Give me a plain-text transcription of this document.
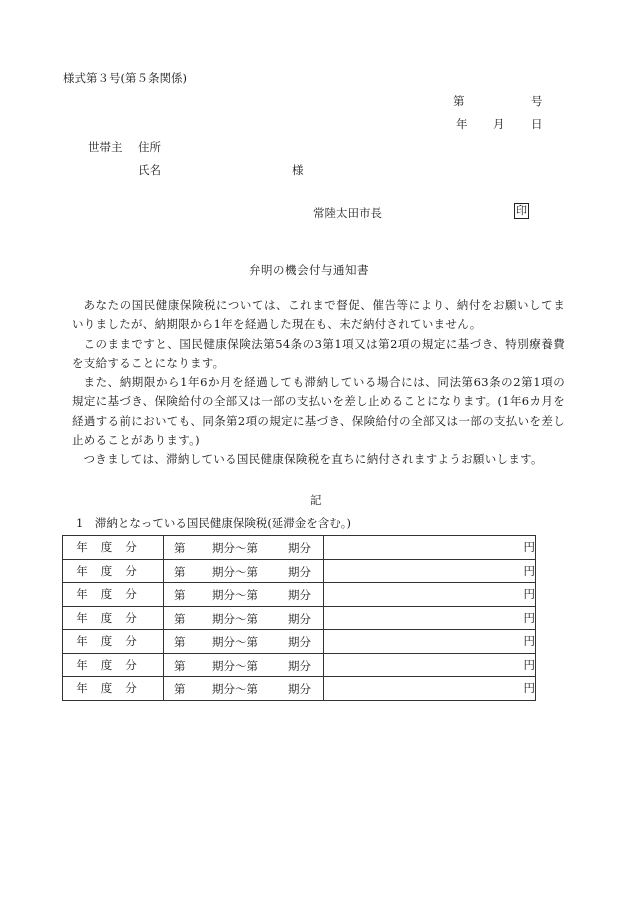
様式第３号(第５条関係)
第	号
年 月 日
世帯主 住所
氏名	様
常陸太田市長	印
弁明の機会付与通知書

あなたの国民健康保険税については、これまで督促、催告等により、納付をお願いしてまいりましたが、納期限から1年を経過した現在も、未だ納付されていません。

このままですと、国民健康保険法第54条の3第1項又は第2項の規定に基づき、特別療養費を支給することになります。

また、納期限から1年6か月を経過しても滞納している場合には、同法第63条の2第1項の規定に基づき、保険給付の全部又は一部の支払いを差し止めることになります。(1年6カ月を経過する前においても、同条第2項の規定に基づき、保険給付の全部又は一部の支払いを差し止めることがあります。)

つきましては、滞納している国民健康保険税を直ちに納付されますようお願いします。

記
1　滞納となっている国民健康保険税(延滞金を含む。)
年度分	第 期分～第 期分	円
年度分	第 期分～第 期分	円
年度分	第 期分～第 期分	円
年度分	第 期分～第 期分	円
年度分	第 期分～第 期分	円
年度分	第 期分～第 期分	円
年度分	第 期分～第 期分	円
